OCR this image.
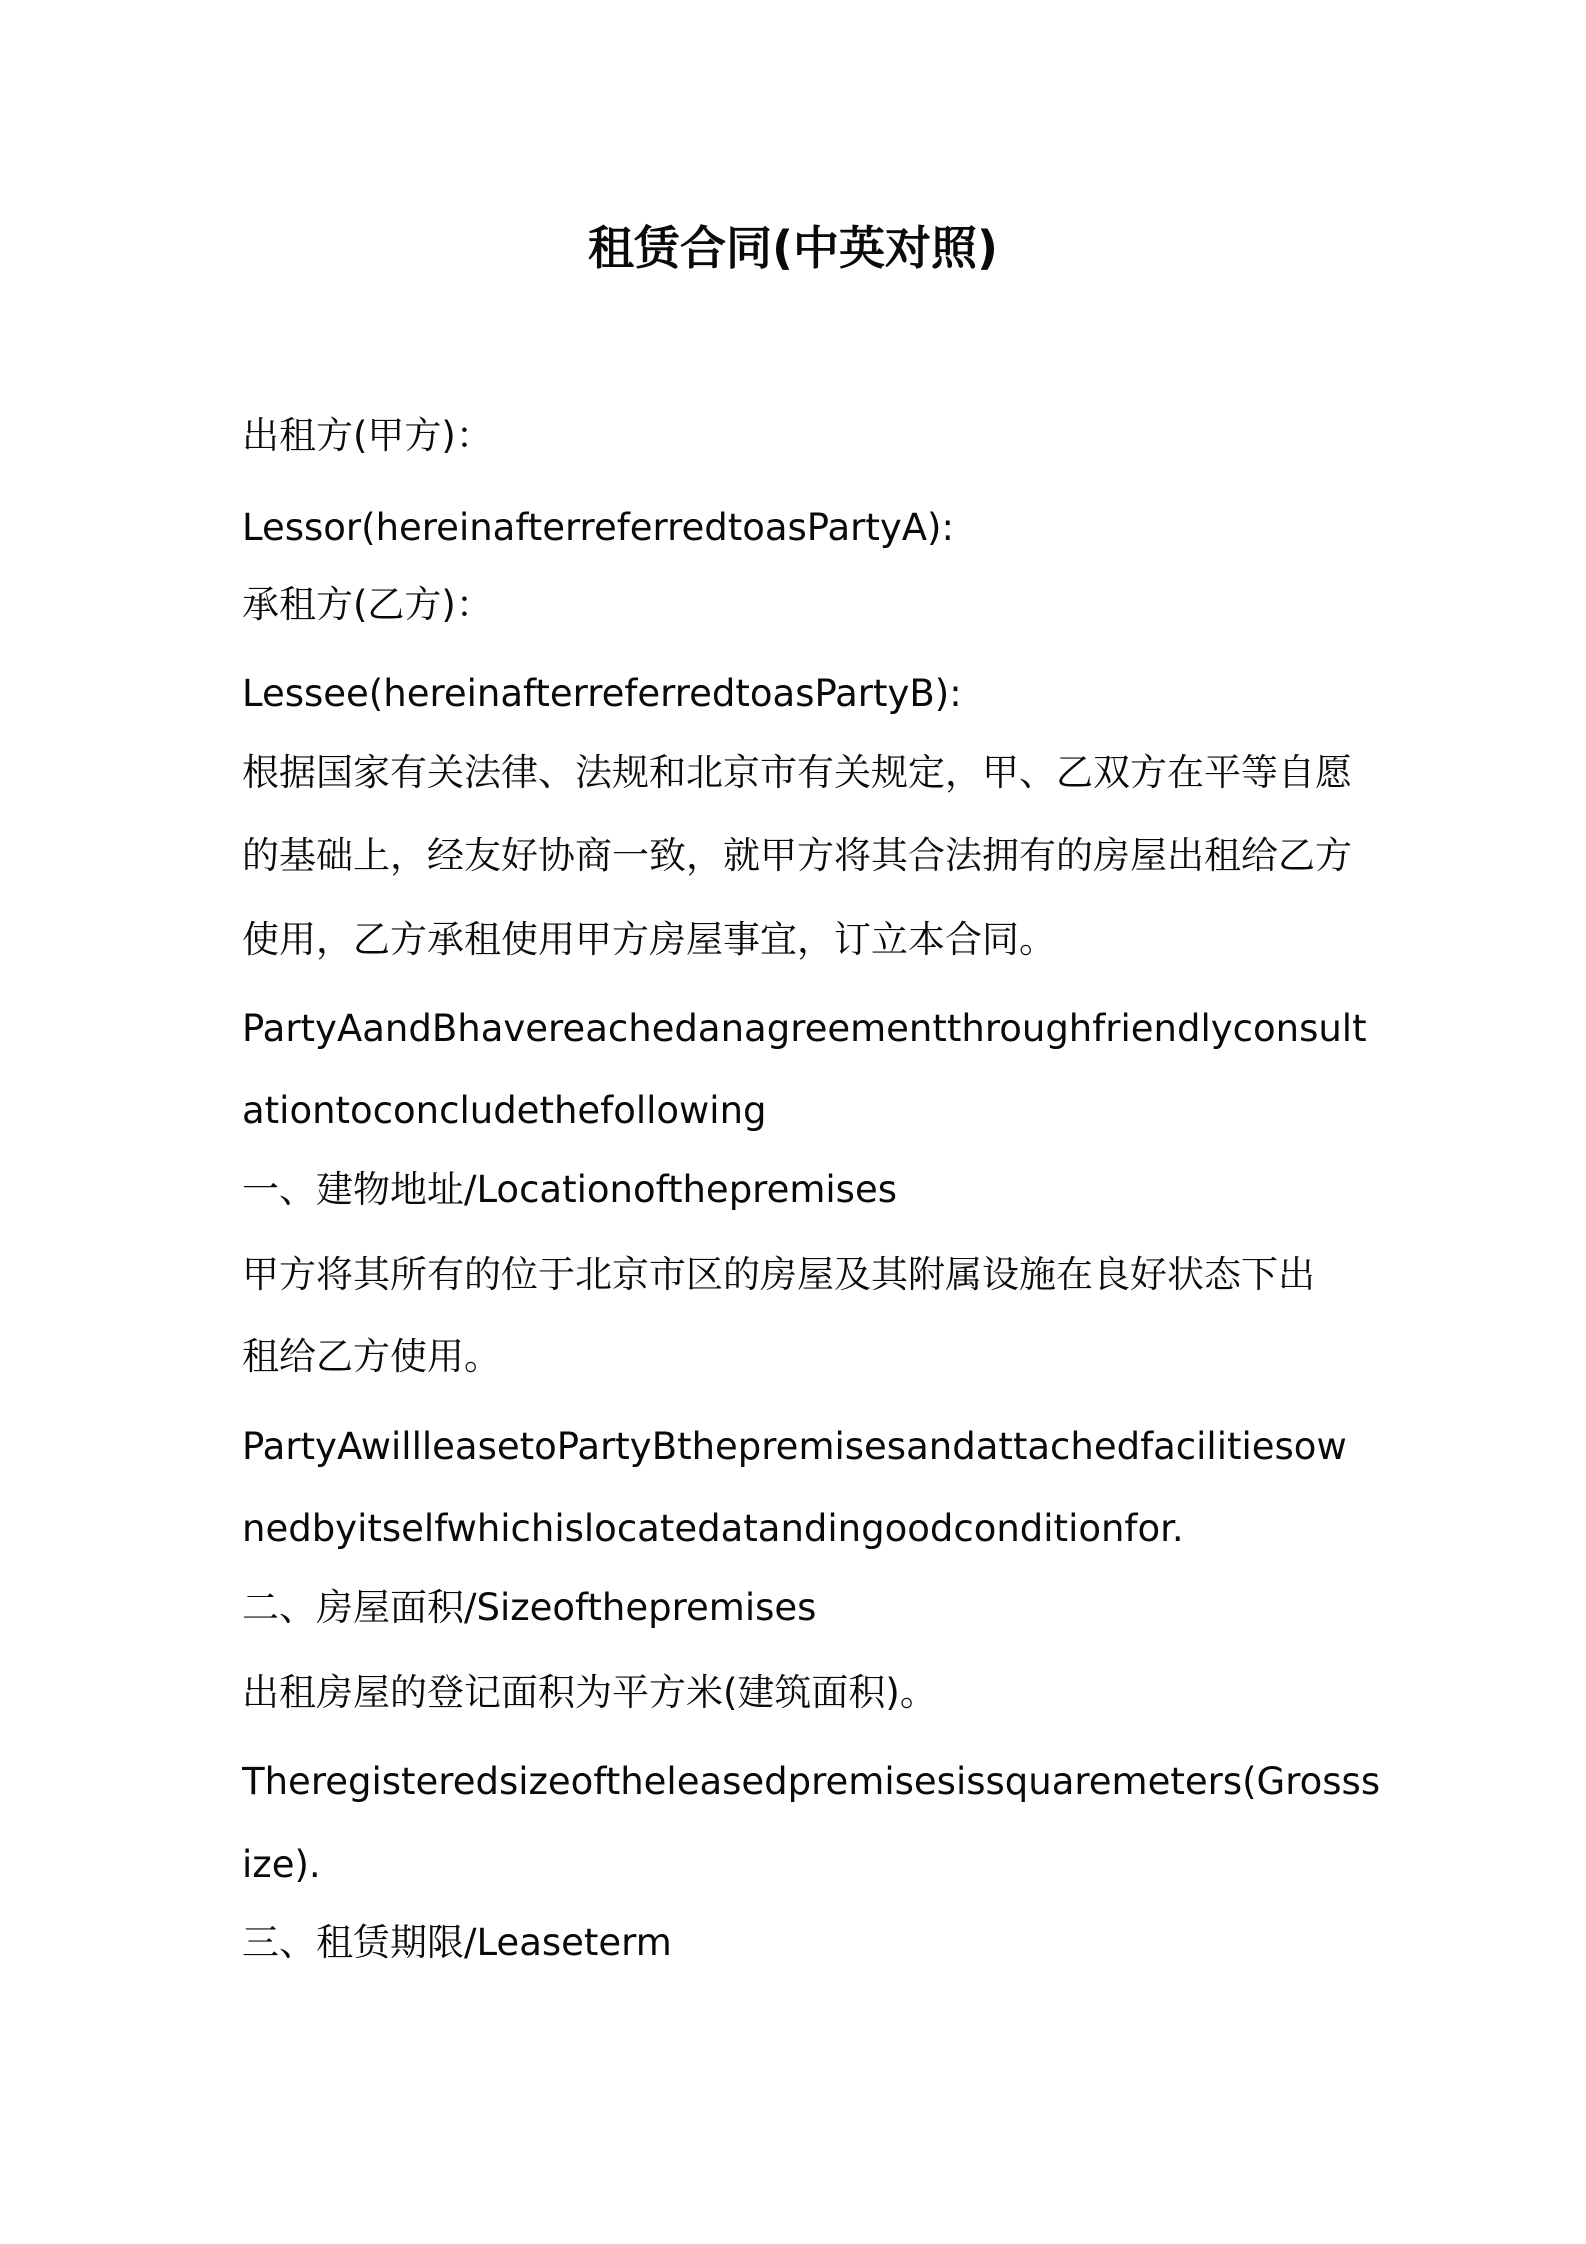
租赁合同(中英对照)
出租方(甲方)：
Lessor(hereinafterreferredtoasPartyA):
承租方(乙方)：
Lessee(hereinafterreferredtoasPartyB):
根据国家有关法律、法规和北京市有关规定，甲、乙双方在平等自愿
的基础上，经友好协商一致，就甲方将其合法拥有的房屋出租给乙方
使用，乙方承租使用甲方房屋事宜，订立本合同。
PartyAandBhavereachedanagreementthroughfriendlyconsult
ationtoconcludethefollowing
一、建物地址/Locationofthepremises
甲方将其所有的位于北京市区的房屋及其附属设施在良好状态下出
租给乙方使用。
PartyAwillleasetoPartyBthepremisesandattachedfacilitiesow
nedbyitselfwhichislocatedatandingoodconditionfor.
二、房屋面积/Sizeofthepremises
出租房屋的登记面积为平方米(建筑面积)。
Theregisteredsizeoftheleasedpremisesissquaremeters(Grosss
ize).
三、租赁期限/Leaseterm
